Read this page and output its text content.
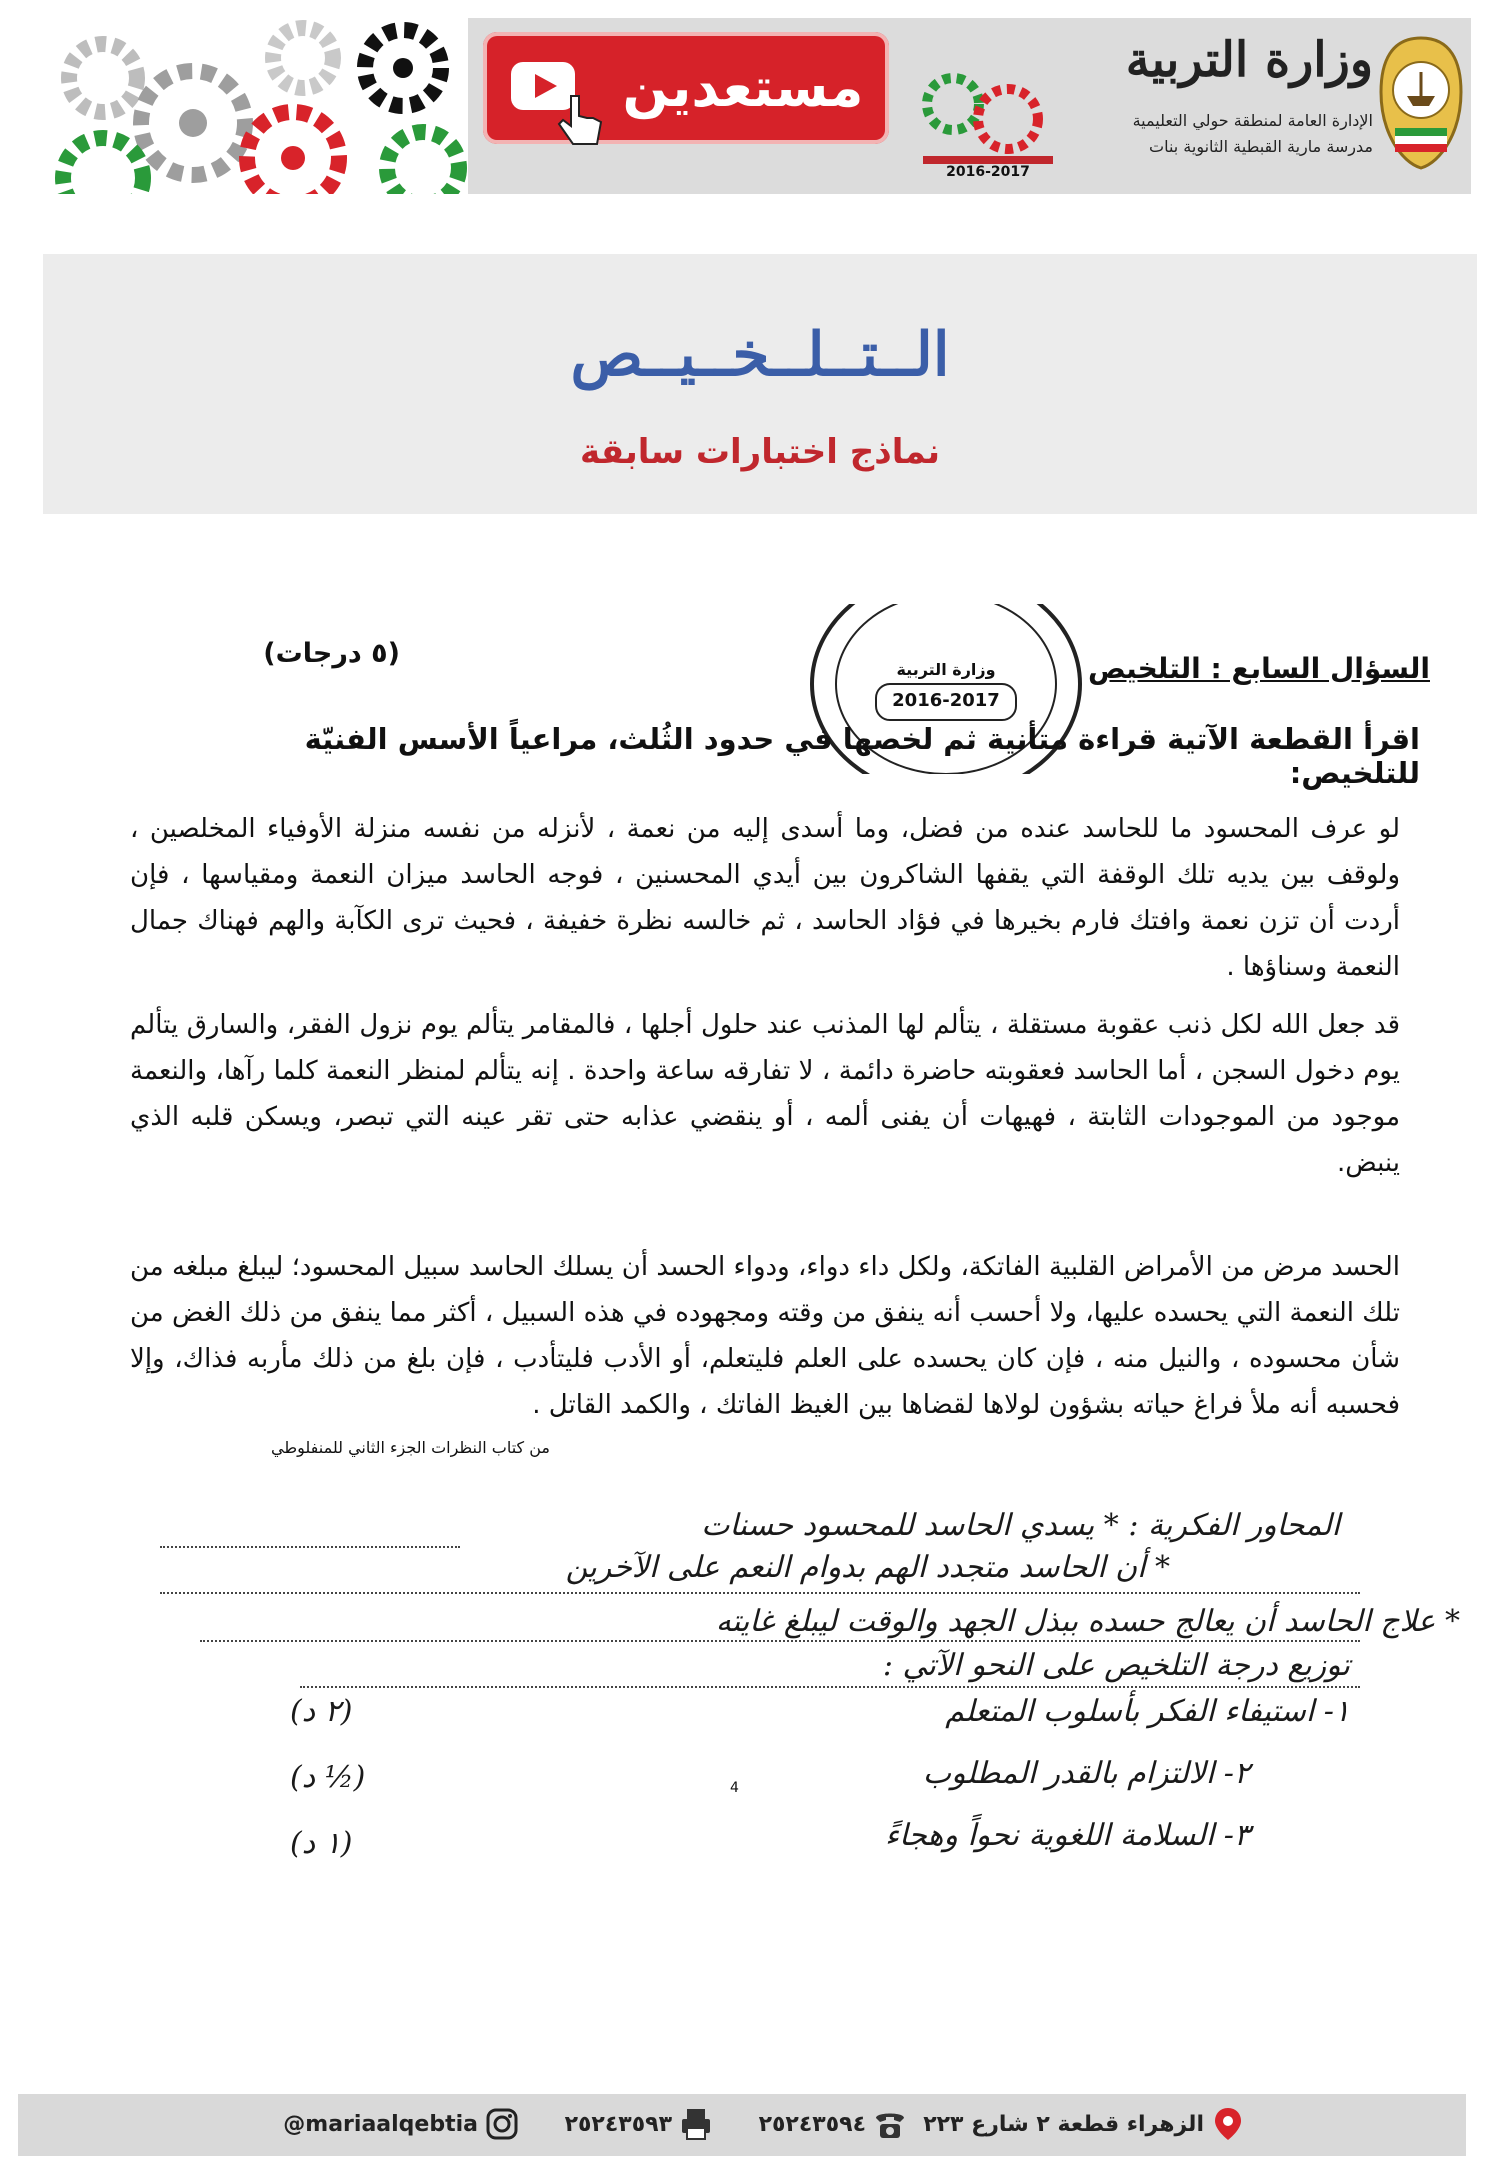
مستعدين
2016-2017
وزارة التربية
الإدارة العامة لمنطقة حولي التعليمية
مدرسة مارية القبطية الثانوية بنات
الــتــلــخــيــص
نماذج اختبارات سابقة
السؤال السابع : التلخيص
(٥ درجات)
وزارة التربية
2016-2017
اقرأ القطعة الآتية قراءة متأنية ثم لخصها في حدود الثُلث، مراعياً الأسس الفنيّة للتلخيص:
لو عرف المحسود ما للحاسد عنده من فضل، وما أسدى إليه من نعمة ، لأنزله من نفسه منزلة الأوفياء المخلصين ، ولوقف بين يديه تلك الوقفة التي يقفها الشاكرون بين أيدي المحسنين ، فوجه الحاسد ميزان النعمة ومقياسها ، فإن أردت أن تزن نعمة وافتك فارم بخيرها في فؤاد الحاسد ، ثم خالسه نظرة خفيفة ، فحيث ترى الكآبة والهم فهناك جمال النعمة وسناؤها .
قد جعل الله لكل ذنب عقوبة مستقلة ، يتألم لها المذنب عند حلول أجلها ، فالمقامر يتألم يوم نزول الفقر، والسارق يتألم يوم دخول السجن ، أما الحاسد فعقوبته حاضرة دائمة ، لا تفارقه ساعة واحدة . إنه يتألم لمنظر النعمة كلما رآها، والنعمة موجود من الموجودات الثابتة ، فهيهات أن يفنى ألمه ، أو ينقضي عذابه حتى تقر عينه التي تبصر، ويسكن قلبه الذي ينبض.
الحسد مرض من الأمراض القلبية الفاتكة، ولكل داء دواء، ودواء الحسد أن يسلك الحاسد سبيل المحسود؛ ليبلغ مبلغه من تلك النعمة التي يحسده عليها، ولا أحسب أنه ينفق من وقته ومجهوده في هذه السبيل ، أكثر مما ينفق من ذلك الغض من شأن محسوده ، والنيل منه ، فإن كان يحسده على العلم فليتعلم، أو الأدب فليتأدب ، فإن بلغ من ذلك مأربه فذاك، وإلا فحسبه أنه ملأ فراغ حياته بشؤون لولاها لقضاها بين الغيظ الفاتك ، والكمد القاتل .
من كتاب النظرات الجزء الثاني للمنفلوطي
المحاور الفكرية : * يسدي الحاسد للمحسود حسنات
* أن الحاسد متجدد الهم بدوام النعم على الآخرين
* علاج الحاسد أن يعالج حسده ببذل الجهد والوقت ليبلغ غايته
توزيع درجة التلخيص على النحو الآتي :
١- استيفاء الفكر بأسلوب المتعلم
(٢ د)
٢- الالتزام بالقدر المطلوب
(½ د)
٣- السلامة اللغوية نحواً وهجاءً
(١ د)
4
الزهراء قطعة ٢ شارع ٢٢٣
٢٥٢٤٣٥٩٤
٢٥٢٤٣٥٩٣
@mariaalqebtia
